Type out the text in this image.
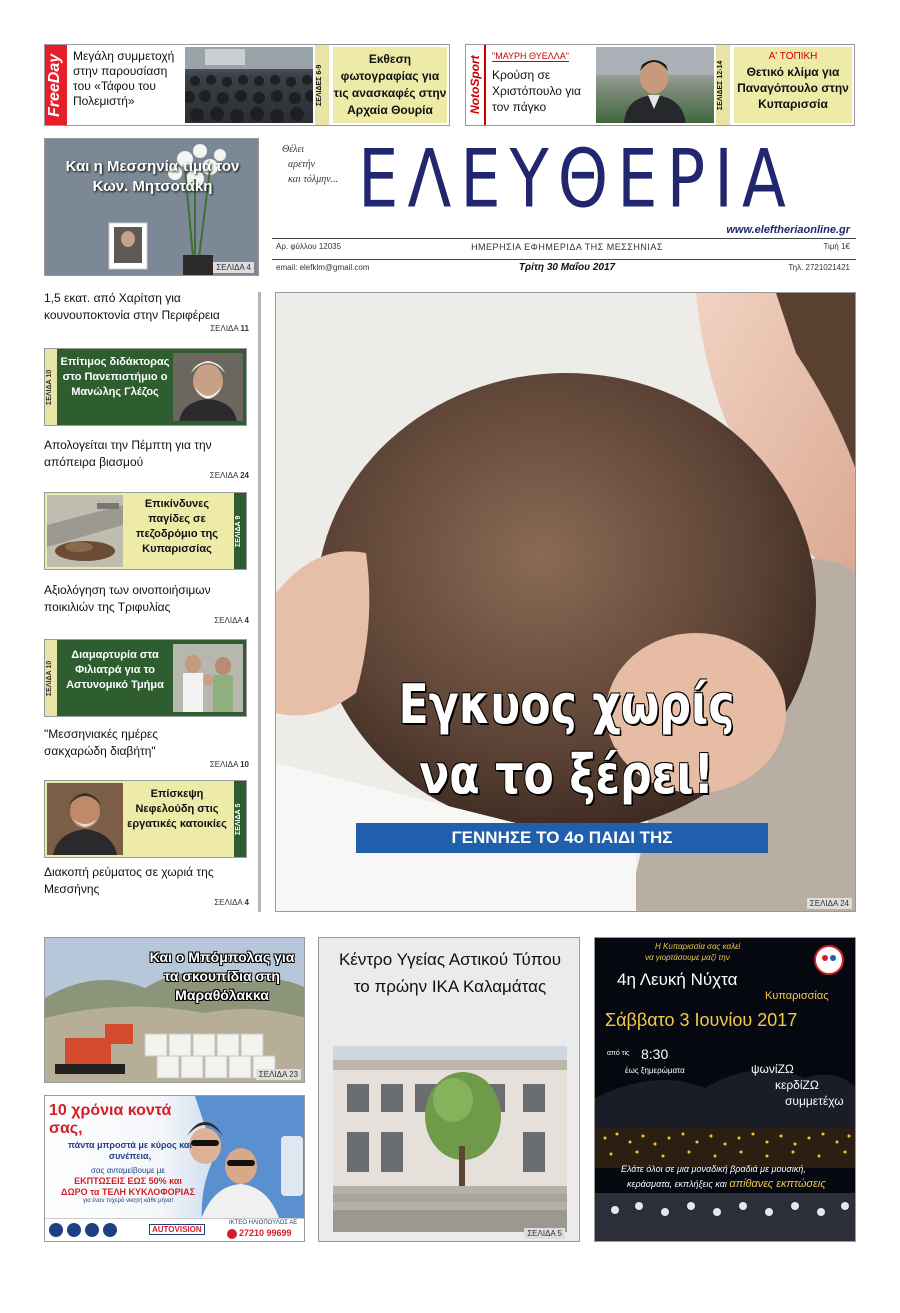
FreeDay Μεγάλη συμμετοχή στην παρουσίαση του «Τάφου του Πολεμιστή»	ΣΕΛΙΔΕΣ 6-9
Εκθεση φωτογραφίας για τις ανασκαφές στην Αρχαία Θουρία	NotoSport "ΜΑΥΡΗ ΘΥΕΛΛΑ"
Κρούση σε Χριστόπουλο για τον πάγκο	ΣΕΛΙΔΕΣ 12-14
Α' ΤΟΠΙΚΗ
Θετικό κλίμα για Παναγόπουλο στην Κυπαρισσία
Και η Μεσσηνία τιμά τον Κων. Μητσοτάκη
ΣΕΛΙΔΑ 4
Θέλει
αρετήν
και τόλμην... ΕΛΕΥΘΕΡΙΑ
www.eleftheriaonline.gr
Αρ. φύλλου 12035	ΗΜΕΡΗΣΙΑ ΕΦΗΜΕΡΙΔΑ ΤΗΣ ΜΕΣΣΗΝΙΑΣ	Τιμή 1€
email: elefklm@gmail.com	Τρίτη 30 Μαΐου 2017	Τηλ. 2721021421
1,5 εκατ. από Χαρίτση για κουνουποκτονία στην Περιφέρεια
ΣΕΛΙΔΑ 11
ΣΕΛΙΔΑ 10
Επίτιμος διδάκτορας στο Πανεπιστήμιο ο Μανώλης Γλέζος
Απολογείται την Πέμπτη για την απόπειρα βιασμού
ΣΕΛΙΔΑ 24
Επικίνδυνες παγίδες σε πεζοδρόμιο της Κυπαρισσίας
ΣΕΛΙΔΑ 9
Αξιολόγηση των οινοποιήσιμων ποικιλιών της Τριφυλίας
ΣΕΛΙΔΑ 4
ΣΕΛΙΔΑ 10
Διαμαρτυρία στα Φιλιατρά για το Αστυνομικό Τμήμα
"Μεσσηνιακές ημέρες σακχαρώδη διαβήτη"
ΣΕΛΙΔΑ 10
Επίσκεψη Νεφελούδη στις εργατικές κατοικίες	ΣΕΛΙΔΑ 5
Διακοπή ρεύματος σε χωριά της Μεσσήνης
ΣΕΛΙΔΑ 4
Εγκυος χωρίς
να το ξέρει!
ΓΕΝΝΗΣΕ ΤΟ 4ο ΠΑΙΔΙ ΤΗΣ
ΣΕΛΙΔΑ 24
Και ο Μπόμπολας για τα σκουπίδια στη Μαραθόλακκα
ΣΕΛΙΔΑ 23
10 χρόνια κοντά σας,
πάντα μπροστά με κύρος και συνέπεια,
σας ανταμείβουμε με
ΕΚΠΤΩΣΕΙΣ ΕΩΣ 50% και
ΔΩΡΟ τα ΤΕΛΗ ΚΥΚΛΟΦΟΡΙΑΣ
για έναν τυχερό νικητή κάθε μήνα!
AUTOVISION
ΙΚΤΕΟ ΗΛΙΟΠΟΥΛΟΣ ΑΕ
27210 99699
Κέντρο Υγείας Αστικού Τύπου το πρώην ΙΚΑ Καλαμάτας
ΣΕΛΙΔΑ 5
Η Κυπαρισσία σας καλεί
να γιορτάσουμε μαζί την
4η Λευκή Νύχτα
Κυπαρισσίας
Σάββατο 3 Ιουνίου 2017
από τις 8:30
έως ξημερώματα	ψωνίΖΩ
κερδίΖΩ
συμμετέχω
Ελάτε όλοι σε μια μοναδική βραδιά με μουσική,
κεράσματα, εκπλήξεις και απίθανες εκπτώσεις
